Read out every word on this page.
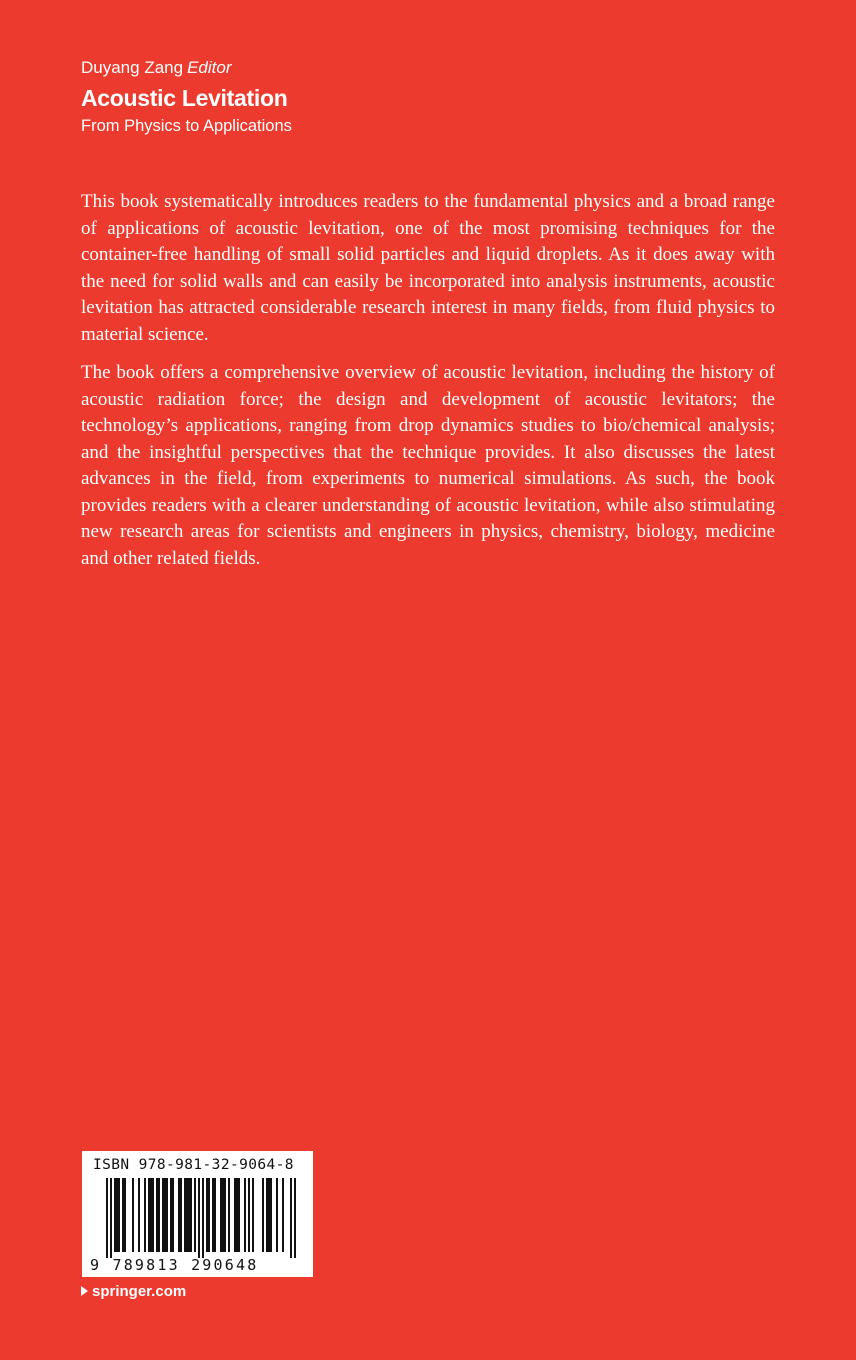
Duyang Zang Editor
Acoustic Levitation
From Physics to Applications

This book systematically introduces readers to the fundamental physics and a broad range of applications of acoustic levitation, one of the most promising techniques for the container-free handling of small solid particles and liquid droplets. As it does away with the need for solid walls and can easily be incorporated into analysis instruments, acoustic levitation has attracted considerable research interest in many fields, from fluid physics to material science.

The book offers a comprehensive overview of acoustic levitation, including the history of acoustic radiation force; the design and development of acoustic levitators; the technology’s applications, ranging from drop dynamics studies to bio/chemical analysis; and the insightful perspectives that the technique provides. It also discusses the latest advances in the field, from experiments to numerical simulations. As such, the book provides readers with a clearer understanding of acoustic levitation, while also stimulating new research areas for scientists and engineers in physics, chemistry, biology, medicine and other related fields.

ISBN 978-981-32-9064-8
9 789813 290648
springer.com
